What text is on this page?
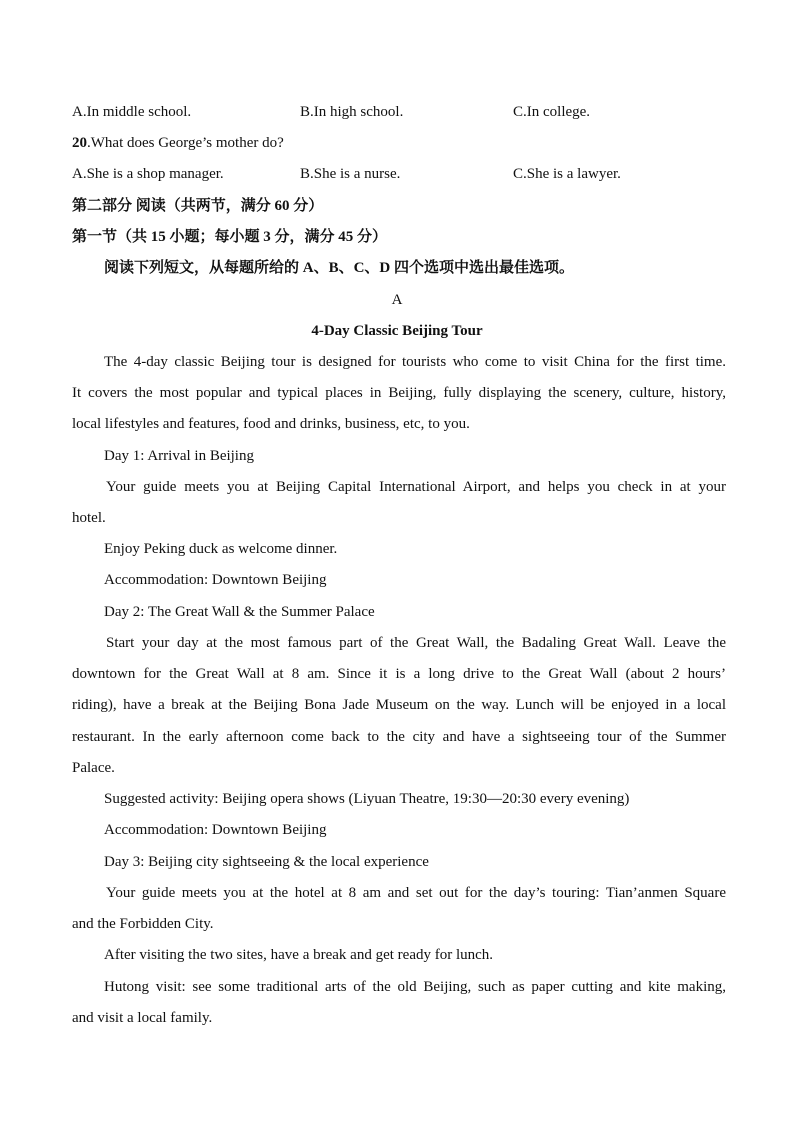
A.In middle school.	B.In high school.	C.In college.
20.What does George’s mother do?
A.She is a shop manager.	B.She is a nurse.	C.She is a lawyer.
第二部分 阅读（共两节，满分 60 分）
第一节（共 15 小题；每小题 3 分，满分 45 分）
阅读下列短文，从每题所给的 A、B、C、D 四个选项中选出最佳选项。
A
4-Day Classic Beijing Tour
The 4-day classic Beijing tour is designed for tourists who come to visit China for the first time.
It covers the most popular and typical places in Beijing, fully displaying the scenery, culture, history,
local lifestyles and features, food and drinks, business, etc, to you.
Day 1: Arrival in Beijing
Your guide meets you at Beijing Capital International Airport, and helps you check in at your
hotel.
Enjoy Peking duck as welcome dinner.
Accommodation: Downtown Beijing
Day 2: The Great Wall & the Summer Palace
Start your day at the most famous part of the Great Wall, the Badaling Great Wall. Leave the
downtown for the Great Wall at 8 am. Since it is a long drive to the Great Wall (about 2 hours’
riding), have a break at the Beijing Bona Jade Museum on the way. Lunch will be enjoyed in a local
restaurant. In the early afternoon come back to the city and have a sightseeing tour of the Summer
Palace.
Suggested activity: Beijing opera shows (Liyuan Theatre, 19:30—20:30 every evening)
Accommodation: Downtown Beijing
Day 3: Beijing city sightseeing & the local experience
Your guide meets you at the hotel at 8 am and set out for the day’s touring: Tian’anmen Square
and the Forbidden City.
After visiting the two sites, have a break and get ready for lunch.
Hutong visit: see some traditional arts of the old Beijing, such as paper cutting and kite making,
and visit a local family.
